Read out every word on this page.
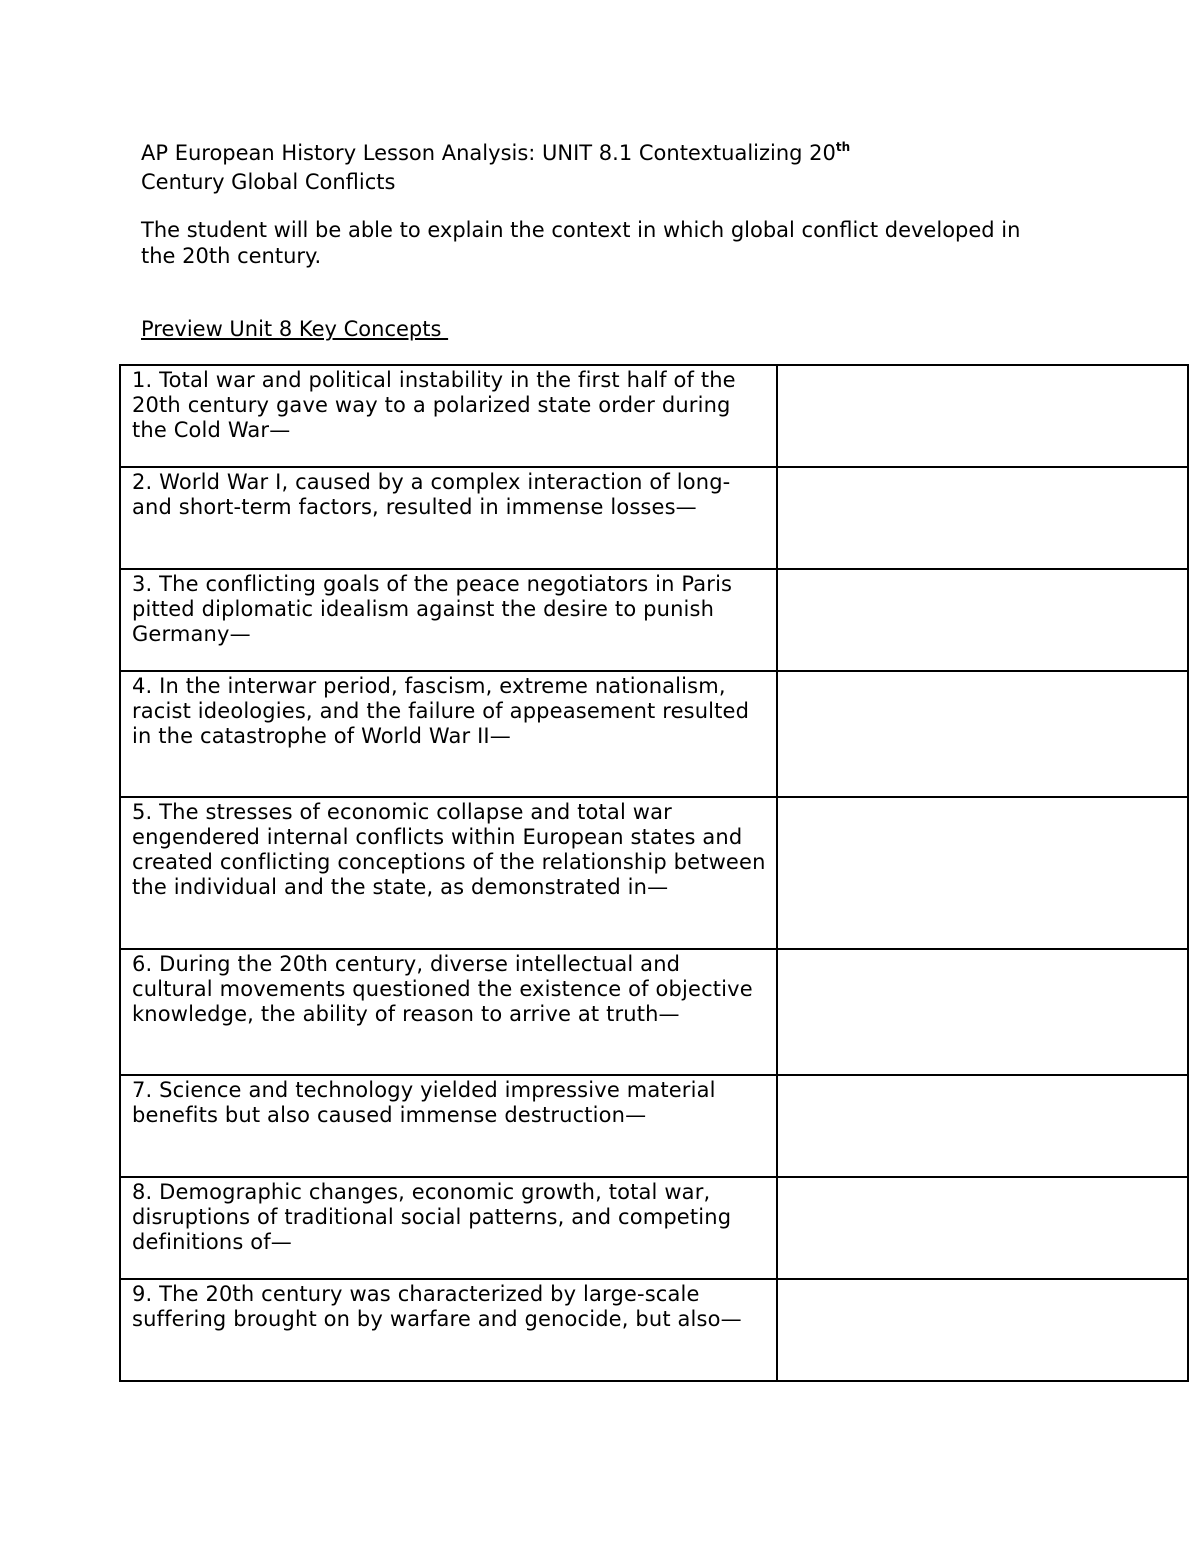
AP European History Lesson Analysis: UNIT 8.1 Contextualizing 20th
Century Global Conflicts

The student will be able to explain the context in which global conflict developed in the 20th century.

Preview Unit 8 Key Concepts

1. Total war and political instability in the first half of the 20th century gave way to a polarized state order during the Cold War—	
2. World War I, caused by a complex interaction of long- and short-term factors, resulted in immense losses—	
3. The conflicting goals of the peace negotiators in Paris pitted diplomatic idealism against the desire to punish Germany—	
4. In the interwar period, fascism, extreme nationalism, racist ideologies, and the failure of appeasement resulted in the catastrophe of World War II—	
5. The stresses of economic collapse and total war engendered internal conflicts within European states and created conflicting conceptions of the relationship between the individual and the state, as demonstrated in—	
6. During the 20th century, diverse intellectual and cultural movements questioned the existence of objective knowledge, the ability of reason to arrive at truth—	
7. Science and technology yielded impressive material benefits but also caused immense destruction—	
8. Demographic changes, economic growth, total war, disruptions of traditional social patterns, and competing definitions of—	
9. The 20th century was characterized by large-scale suffering brought on by warfare and genocide, but also—	
